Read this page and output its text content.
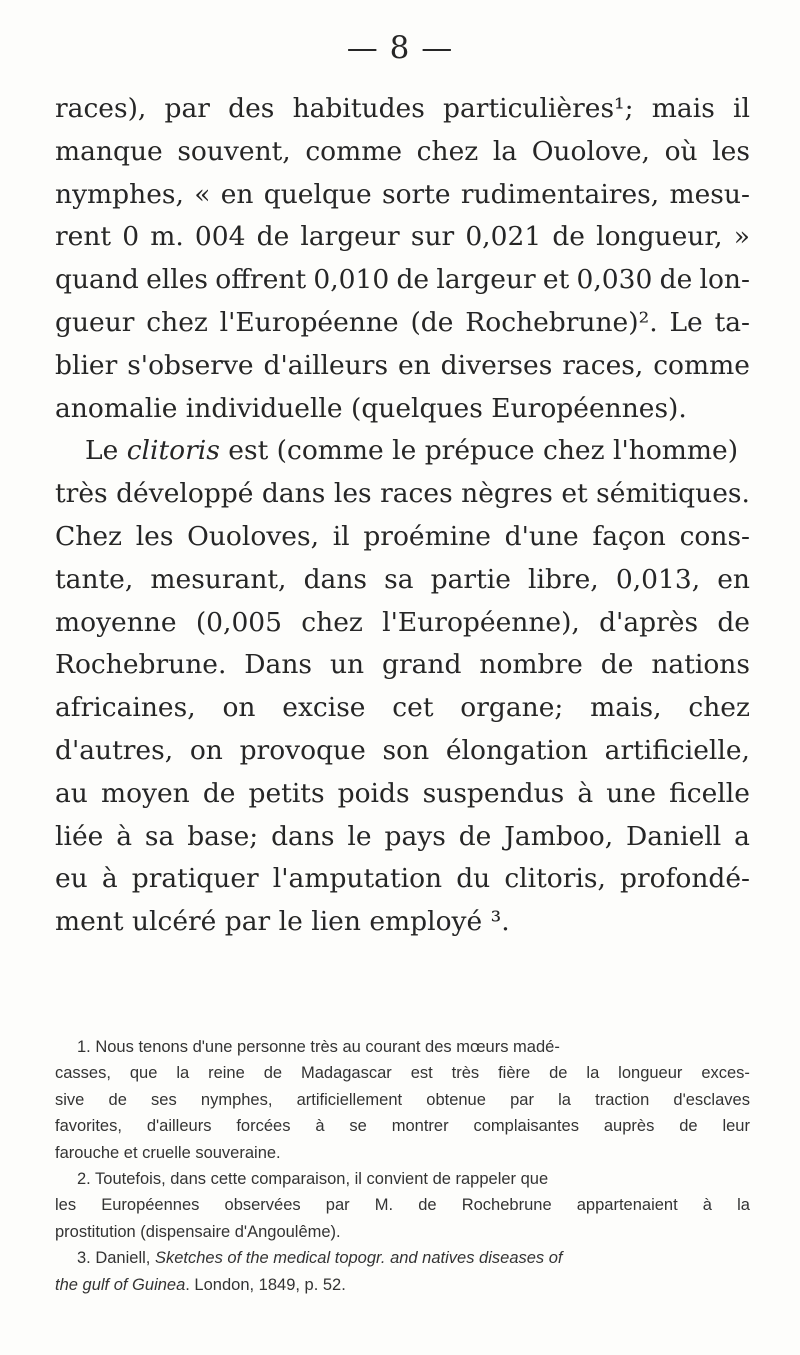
— 8 —
races), par des habitudes particulières¹; mais il
manque souvent, comme chez la Ouolove, où les
nymphes, « en quelque sorte rudimentaires, mesu-
rent 0 m. 004 de largeur sur 0,021 de longueur, »
quand elles offrent 0,010 de largeur et 0,030 de lon-
gueur chez l'Européenne (de Rochebrune)². Le ta-
blier s'observe d'ailleurs en diverses races, comme
anomalie individuelle (quelques Européennes).
Le clitoris est (comme le prépuce chez l'homme)
très développé dans les races nègres et sémitiques.
Chez les Ouoloves, il proémine d'une façon cons-
tante, mesurant, dans sa partie libre, 0,013, en
moyenne (0,005 chez l'Européenne), d'après de
Rochebrune. Dans un grand nombre de nations
africaines, on excise cet organe; mais, chez
d'autres, on provoque son élongation artificielle,
au moyen de petits poids suspendus à une ficelle
liée à sa base; dans le pays de Jamboo, Daniell a
eu à pratiquer l'amputation du clitoris, profondé-
ment ulcéré par le lien employé ³.
1. Nous tenons d'une personne très au courant des mœurs madé-
casses, que la reine de Madagascar est très fière de la longueur exces-
sive de ses nymphes, artificiellement obtenue par la traction d'esclaves
favorites, d'ailleurs forcées à se montrer complaisantes auprès de leur
farouche et cruelle souveraine.
2. Toutefois, dans cette comparaison, il convient de rappeler que
les Européennes observées par M. de Rochebrune appartenaient à la
prostitution (dispensaire d'Angoulême).
3. Daniell, Sketches of the medical topogr. and natives diseases of
the gulf of Guinea . London, 1849, p. 52.
